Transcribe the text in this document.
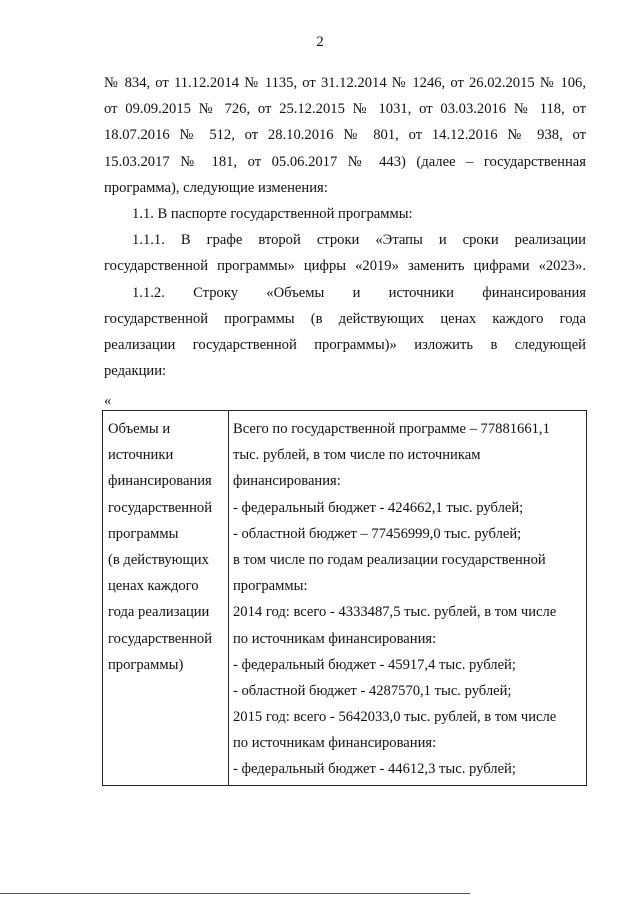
2
№ 834, от 11.12.2014 № 1135, от 31.12.2014 № 1246, от 26.02.2015 № 106,
от 09.09.2015 № 726, от 25.12.2015 № 1031, от 03.03.2016 № 118, от
18.07.2016 № 512, от 28.10.2016 № 801, от 14.12.2016 № 938, от
15.03.2017 № 181, от 05.06.2017 № 443) (далее – государственная
программа), следующие изменения:
1.1. В паспорте государственной программы:
1.1.1. В графе второй строки «Этапы и сроки реализации
государственной программы» цифры «2019» заменить цифрами «2023».
1.1.2. Строку «Объемы и источники финансирования
государственной программы (в действующих ценах каждого года
реализации государственной программы)» изложить в следующей
редакции:
«
Объемы и
источники
финансирования
государственной
программы
(в действующих
ценах каждого
года реализации
государственной
программы)
Всего по государственной программе – 77881661,1
тыс. рублей, в том числе по источникам
финансирования:
- федеральный бюджет - 424662,1 тыс. рублей;
- областной бюджет – 77456999,0 тыс. рублей;
в том числе по годам реализации государственной
программы:
2014 год: всего - 4333487,5 тыс. рублей, в том числе
по источникам финансирования:
- федеральный бюджет - 45917,4 тыс. рублей;
- областной бюджет - 4287570,1 тыс. рублей;
2015 год: всего - 5642033,0 тыс. рублей, в том числе
по источникам финансирования:
- федеральный бюджет - 44612,3 тыс. рублей;
